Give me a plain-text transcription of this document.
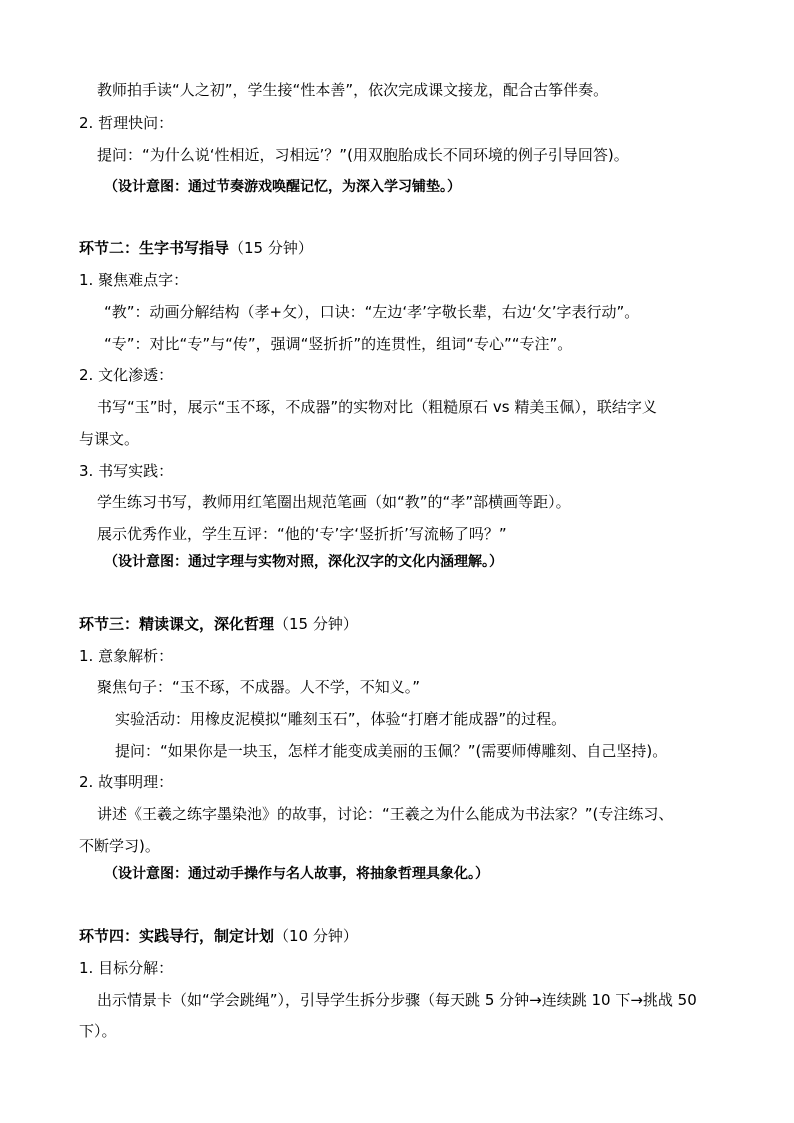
教师拍手读“人之初”，学生接“性本善”，依次完成课文接龙，配合古筝伴奏。
2. 哲理快问：
提问：“为什么说‘性相近，习相远’？”(用双胞胎成长不同环境的例子引导回答)。
（设计意图：通过节奏游戏唤醒记忆，为深入学习铺垫。）
环节二：生字书写指导（15 分钟）
1. 聚焦难点字：
“教”：动画分解结构（孝+攵），口诀：“左边‘孝’字敬长辈，右边‘攵’字表行动”。
“专”：对比“专”与“传”，强调“竖折折”的连贯性，组词“专心”“专注”。
2. 文化渗透：
书写“玉”时，展示“玉不琢，不成器”的实物对比（粗糙原石 vs 精美玉佩），联结字义
与课文。
3. 书写实践：
学生练习书写，教师用红笔圈出规范笔画（如“教”的“孝”部横画等距）。
展示优秀作业，学生互评：“他的‘专’字‘竖折折’写流畅了吗？”
（设计意图：通过字理与实物对照，深化汉字的文化内涵理解。）
环节三：精读课文，深化哲理（15 分钟）
1. 意象解析：
聚焦句子：“玉不琢，不成器。人不学，不知义。”
实验活动：用橡皮泥模拟“雕刻玉石”，体验“打磨才能成器”的过程。
提问：“如果你是一块玉，怎样才能变成美丽的玉佩？”(需要师傅雕刻、自己坚持)。
2. 故事明理：
讲述《王羲之练字墨染池》的故事，讨论：“王羲之为什么能成为书法家？”(专注练习、
不断学习)。
（设计意图：通过动手操作与名人故事，将抽象哲理具象化。）
环节四：实践导行，制定计划（10 分钟）
1. 目标分解：
出示情景卡（如“学会跳绳”），引导学生拆分步骤（每天跳 5 分钟→连续跳 10 下→挑战 50
下）。
